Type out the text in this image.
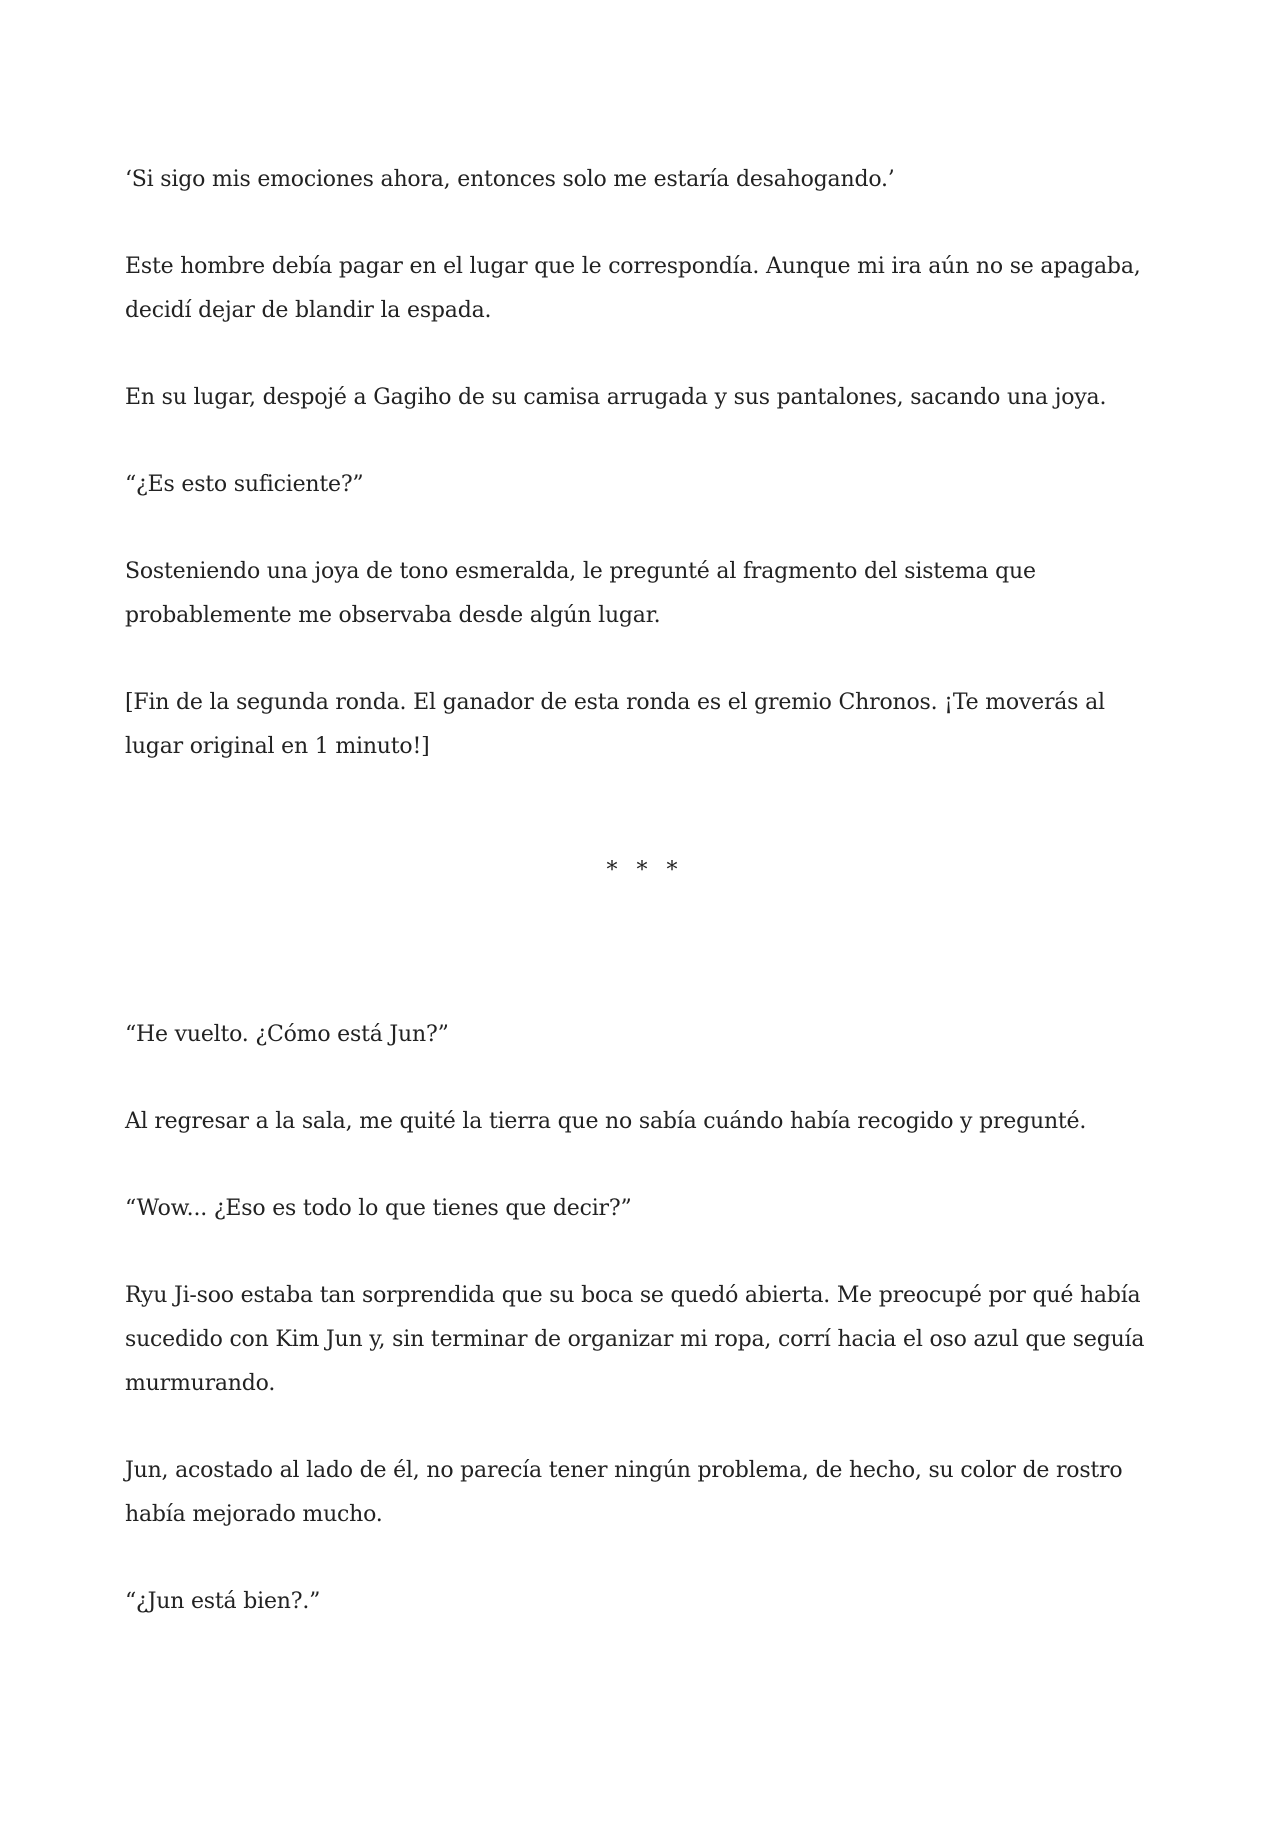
‘Si sigo mis emociones ahora, entonces solo me estaría desahogando.’

Este hombre debía pagar en el lugar que le correspondía. Aunque mi ira aún no se apagaba, decidí dejar de blandir la espada.

En su lugar, despojé a Gagiho de su camisa arrugada y sus pantalones, sacando una joya.

“¿Es esto suficiente?”

Sosteniendo una joya de tono esmeralda, le pregunté al fragmento del sistema que probablemente me observaba desde algún lugar.

[Fin de la segunda ronda. El ganador de esta ronda es el gremio Chronos. ¡Te moverás al lugar original en 1 minuto!]

* * *

“He vuelto. ¿Cómo está Jun?”

Al regresar a la sala, me quité la tierra que no sabía cuándo había recogido y pregunté.

“Wow... ¿Eso es todo lo que tienes que decir?”

Ryu Ji-soo estaba tan sorprendida que su boca se quedó abierta. Me preocupé por qué había sucedido con Kim Jun y, sin terminar de organizar mi ropa, corrí hacia el oso azul que seguía murmurando.

Jun, acostado al lado de él, no parecía tener ningún problema, de hecho, su color de rostro había mejorado mucho.

“¿Jun está bien?.”
